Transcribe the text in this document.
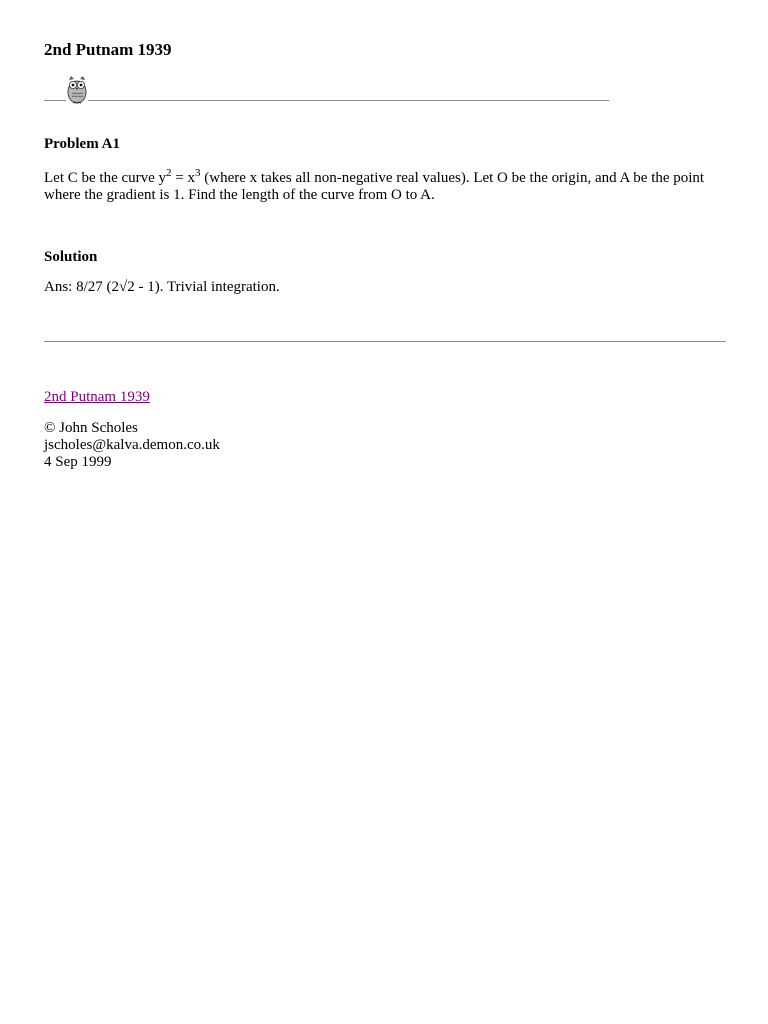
2nd Putnam 1939
Problem A1
Let C be the curve $y^2 = x^3$ (where x takes all non-negative real values). Let O be the origin, and A be the point where the gradient is 1. Find the length of the curve from O to A.
Solution
Ans: 8/27 (2√2 - 1). Trivial integration.
2nd Putnam 1939
© John Scholes
jscholes@kalva.demon.co.uk
4 Sep 1999
